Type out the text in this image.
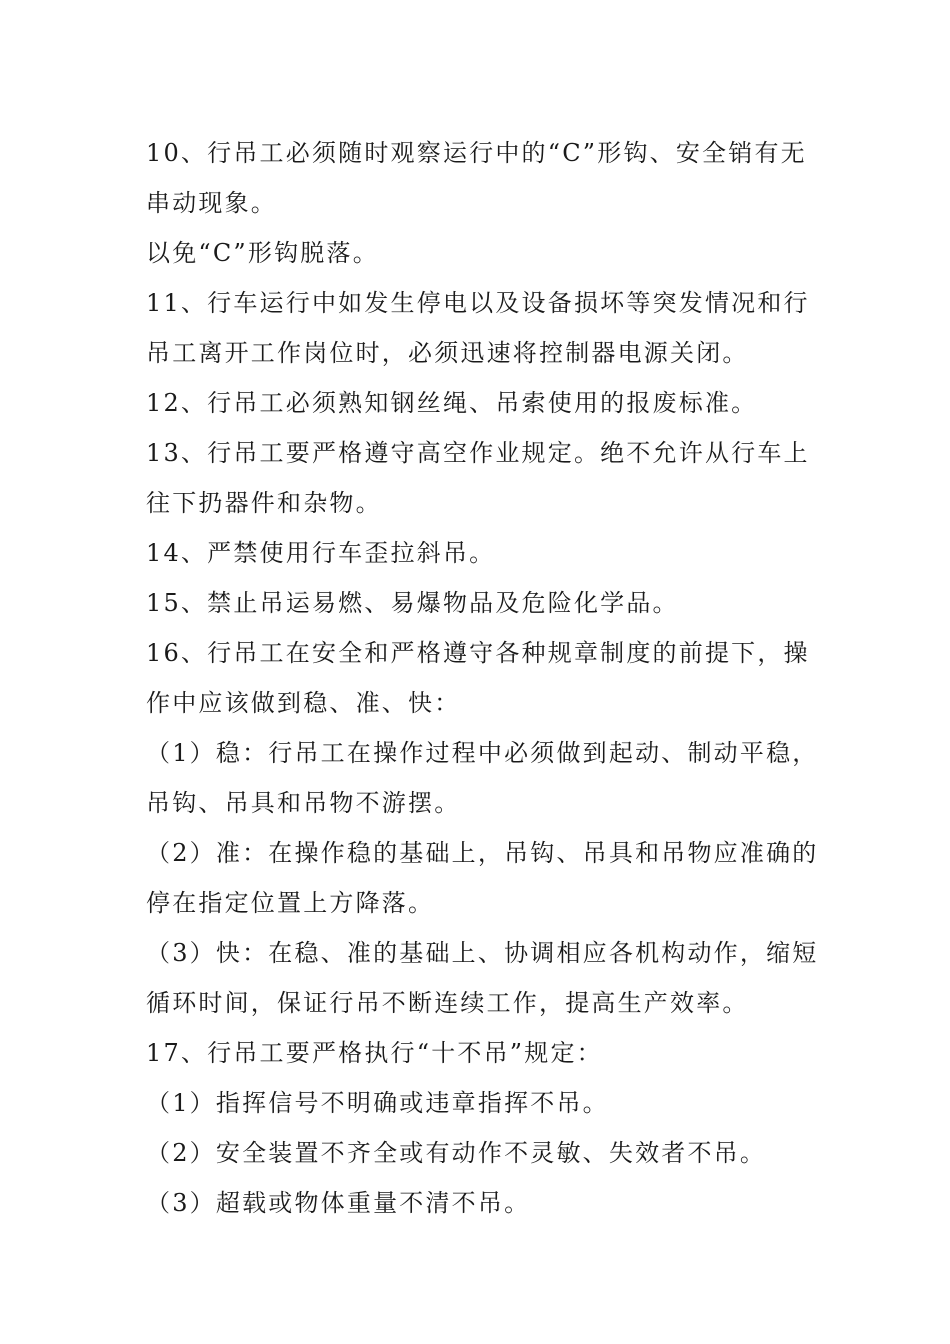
10、行吊工必须随时观察运行中的“C”形钩、安全销有无
串动现象。
以免“C”形钩脱落。
11、行车运行中如发生停电以及设备损坏等突发情况和行
吊工离开工作岗位时，必须迅速将控制器电源关闭。
12、行吊工必须熟知钢丝绳、吊索使用的报废标准。
13、行吊工要严格遵守高空作业规定。绝不允许从行车上
往下扔器件和杂物。
14、严禁使用行车歪拉斜吊。
15、禁止吊运易燃、易爆物品及危险化学品。
16、行吊工在安全和严格遵守各种规章制度的前提下，操
作中应该做到稳、准、快：
（1）稳：行吊工在操作过程中必须做到起动、制动平稳，
吊钩、吊具和吊物不游摆。
（2）准：在操作稳的基础上，吊钩、吊具和吊物应准确的
停在指定位置上方降落。
（3）快：在稳、准的基础上、协调相应各机构动作，缩短
循环时间，保证行吊不断连续工作，提高生产效率。
17、行吊工要严格执行“十不吊”规定：
（1）指挥信号不明确或违章指挥不吊。
（2）安全装置不齐全或有动作不灵敏、失效者不吊。
（3）超载或物体重量不清不吊。
